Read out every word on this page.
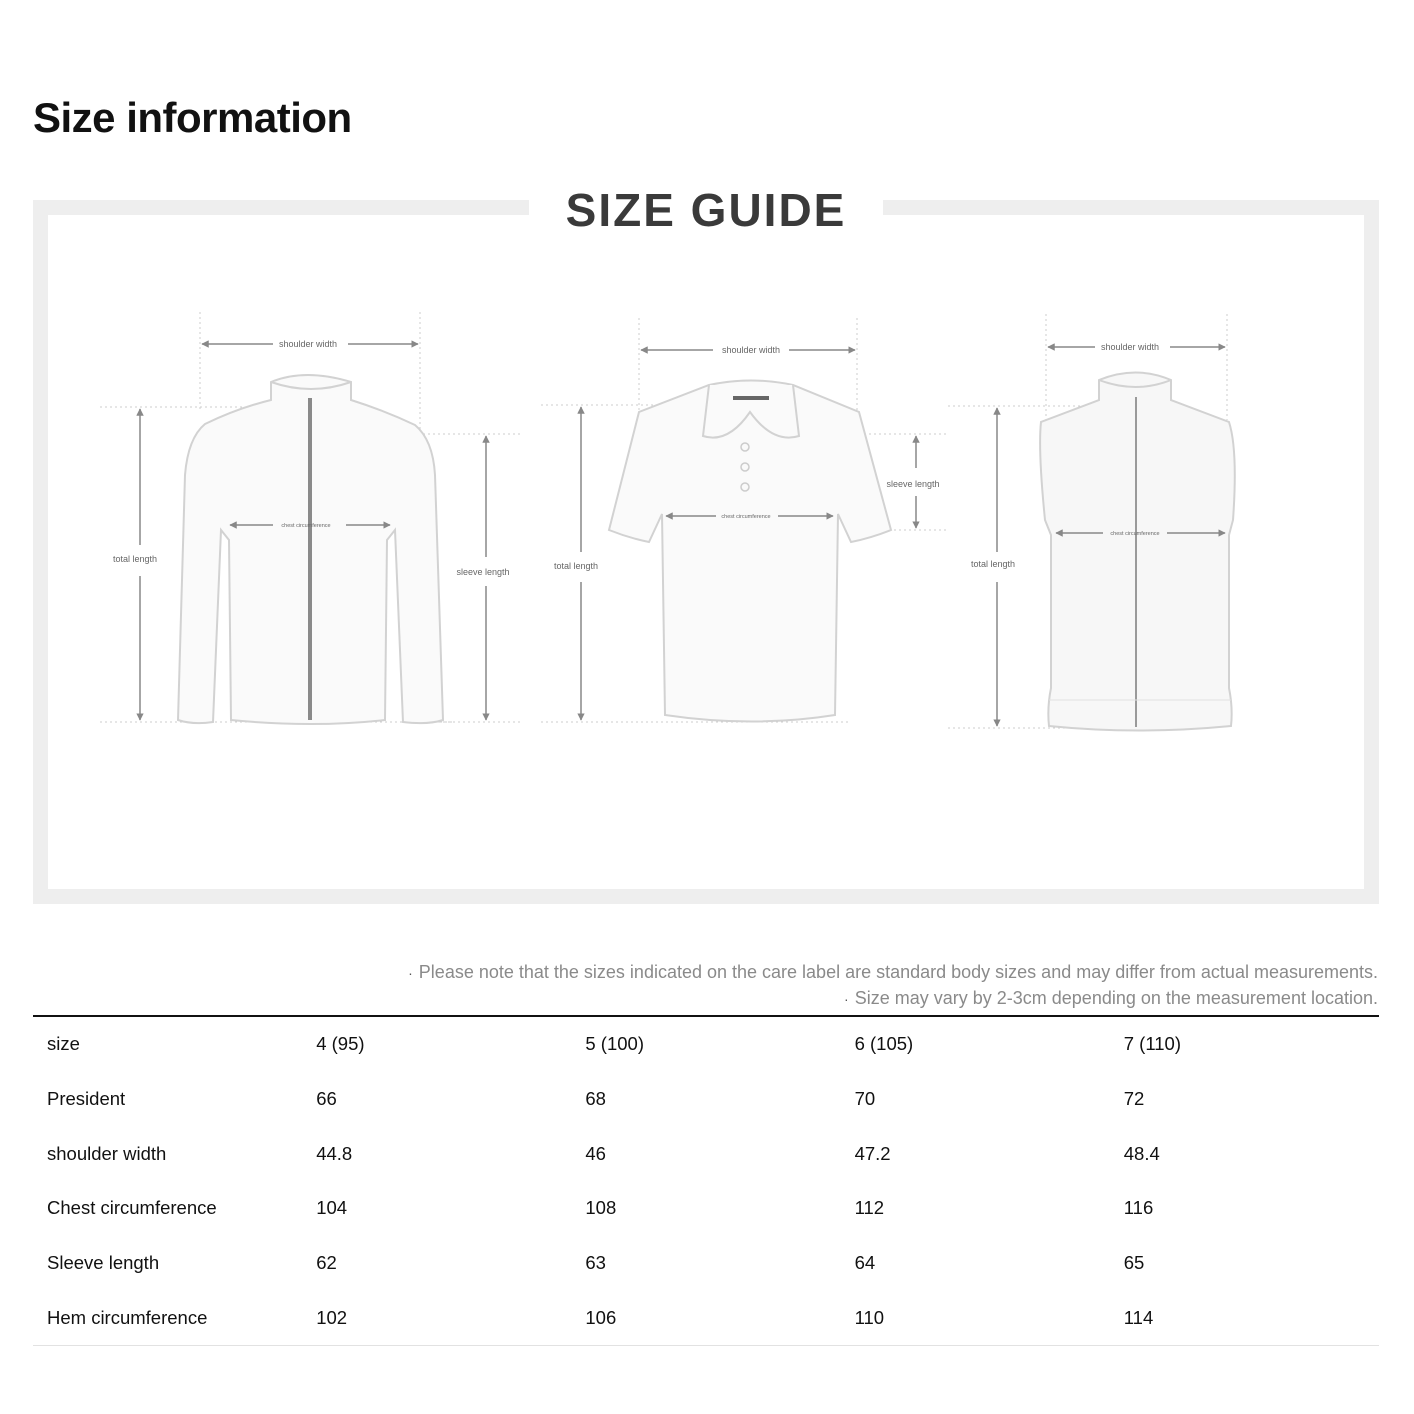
Size information
shoulder width
chest circumference
total length
sleeve length
shoulder width
chest circumference
total length
sleeve length
shoulder width
chest circumference
total length
SIZE GUIDE

· Please note that the sizes indicated on the care label are standard body sizes and may differ from actual measurements.

· Size may vary by 2-3cm depending on the measurement location.

size	4 (95)	5 (100)	6 (105)	7 (110)
President	66	68	70	72
shoulder width	44.8	46	47.2	48.4
Chest circumference	104	108	112	116
Sleeve length	62	63	64	65
Hem circumference	102	106	110	114
